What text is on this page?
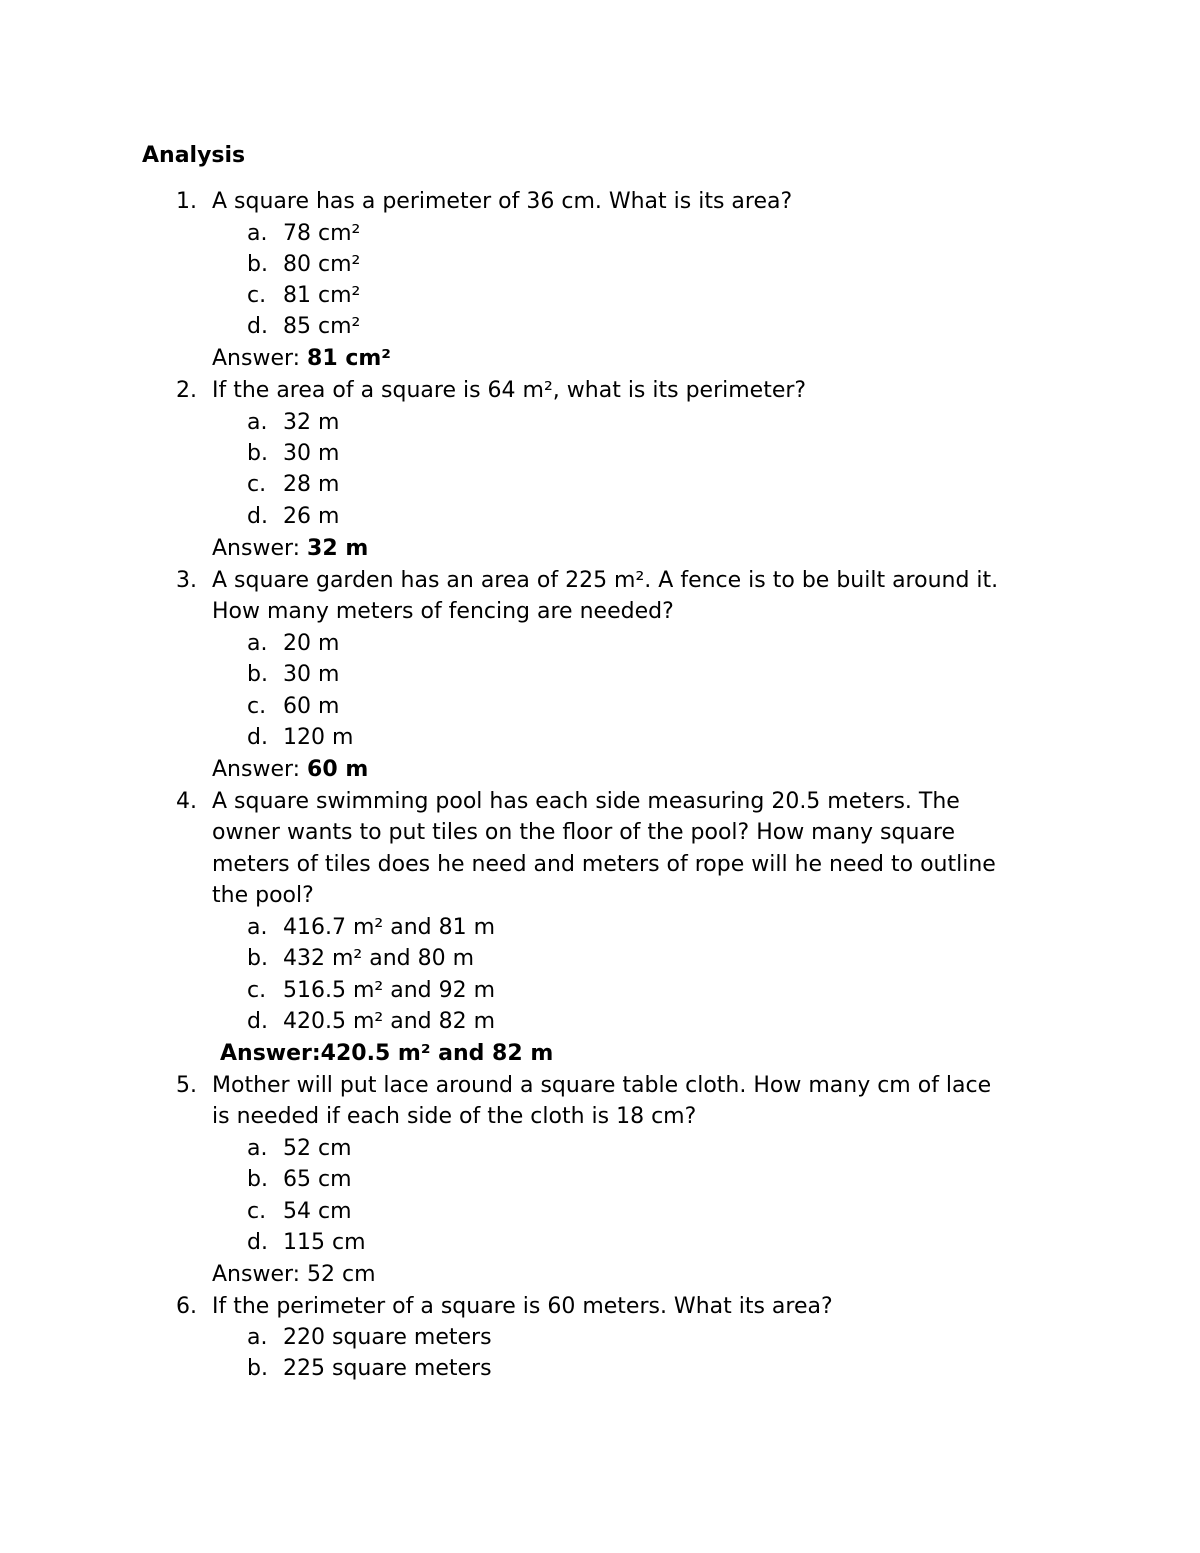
Analysis
1. A square has a perimeter of 36 cm. What is its area?
a. 78 cm²
b. 80 cm²
c. 81 cm²
d. 85 cm²
Answer: 81 cm²
2. If the area of a square is 64 m², what is its perimeter?
a. 32 m
b. 30 m
c. 28 m
d. 26 m
Answer: 32 m
3. A square garden has an area of 225 m². A fence is to be built around it.
How many meters of fencing are needed?
a. 20 m
b. 30 m
c. 60 m
d. 120 m
Answer: 60 m
4. A square swimming pool has each side measuring 20.5 meters. The
owner wants to put tiles on the floor of the pool? How many square
meters of tiles does he need and meters of rope will he need to outline
the pool?
a. 416.7 m² and 81 m
b. 432 m² and 80 m
c. 516.5 m² and 92 m
d. 420.5 m² and 82 m
Answer:420.5 m² and 82 m
5. Mother will put lace around a square table cloth. How many cm of lace
is needed if each side of the cloth is 18 cm?
a. 52 cm
b. 65 cm
c. 54 cm
d. 115 cm
Answer: 52 cm
6. If the perimeter of a square is 60 meters. What its area?
a. 220 square meters
b. 225 square meters
